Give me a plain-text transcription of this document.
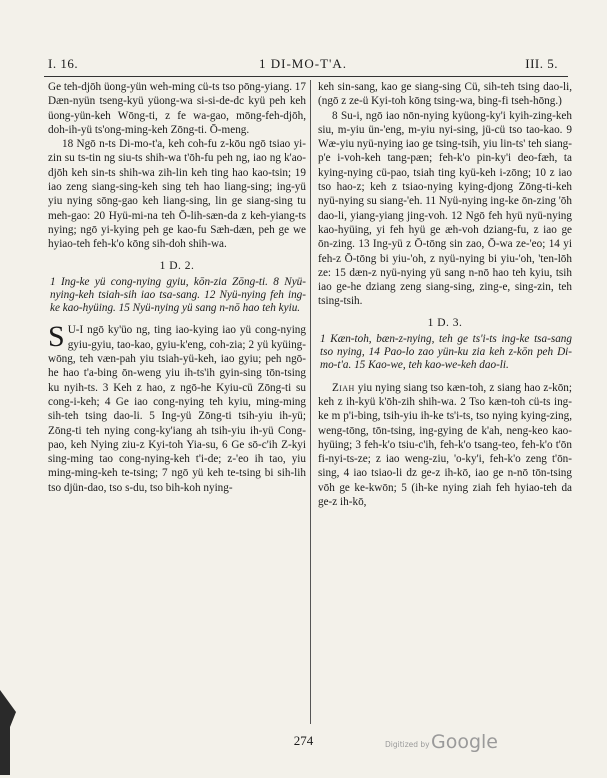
I. 16.	1 DI-MO-T'A.	III. 5.

Ge teh-djōh üong-yün weh-ming cü-ts tso pōng-yiang. 17 Dæn-nyün tseng-kyü yüong-wa si-si-de-dc kyü peh keh üong-yün-keh Wōng-ti, z fe wa-gao, mōng-feh-djōh, doh-ih-yü ts'ong-ming-keh Zōng-ti. Ō-meng.

18 Ngō n-ts Di-mo-t'a, keh coh-fu z-kōu ngō tsiao yi-zin su ts-tin ng siu-ts shih-wa t'ōh-fu peh ng, iao ng k'ao-djōh keh sin-ts shih-wa zih-lin keh ting hao kao-tsin; 19 iao zeng siang-sing-keh sing teh hao liang-sing; ing-yü yiu nying sōng-gao keh liang-sing, lin ge siang-sing tu meh-gao: 20 Hyü-mi-na teh Ō-lih-sæn-da z keh-yiang-ts nying; ngō yi-kying peh ge kao-fu Sæh-dæn, peh ge we hyiao-teh feh-k'o kōng sih-doh shih-wa.

1 D. 2.

1 Ing-ke yü cong-nying gyiu, kōn-zia Zōng-ti. 8 Nyü-nying-keh tsiah-sih iao tsa-sang. 12 Nyü-nying feh ing-ke kao-hyüing. 15 Nyü-nying yü sang n-nō hao teh kyiu.

S U-I ngō ky'üo ng, ting iao-kying iao yü cong-nying gyiu-gyiu, tao-kao, gyiu-k'eng, coh-zia; 2 yü kyüing-wōng, teh væn-pah yiu tsiah-yü-keh, iao gyiu; peh ngō-he hao t'a-bing ōn-weng yiu ih-ts'ih gyin-sing tōn-tsing ku nyih-ts. 3 Keh z hao, z ngō-he Kyiu-cü Zōng-ti su cong-i-keh; 4 Ge iao cong-nying teh kyiu, ming-ming sih-teh tsing dao-li. 5 Ing-yü Zōng-ti tsih-yiu ih-yü; Zōng-ti teh nying cong-ky'iang ah tsih-yiu ih-yü Cong-pao, keh Nying ziu-z Kyi-toh Yia-su, 6 Ge sō-c'ih Z-kyi sing-ming tao cong-nying-keh t'i-de; z-'eo ih tao, yiu ming-ming-keh te-tsing; 7 ngō yü keh te-tsing bi sih-lih tso djün-dao, tso s-du, tso bih-koh nying-

keh sin-sang, kao ge siang-sing Cü, sih-teh tsing dao-li, (ngō z ze-ü Kyi-toh kōng tsing-wa, bing-fi tseh-hōng.)

8 Su-i, ngō iao nōn-nying kyüong-ky'i kyih-zing-keh siu, m-yiu ün-'eng, m-yiu nyi-sing, jü-cü tso tao-kao. 9 Wæ-yiu nyü-nying iao ge tsing-tsih, yiu lin-ts' teh siang-p'e i-voh-keh tang-pæn; feh-k'o pin-ky'i deo-fæh, ta kying-nying cü-pao, tsiah ting kyü-keh i-zōng; 10 z iao tso hao-z; keh z tsiao-nying kying-djong Zōng-ti-keh nyü-nying su siang-'eh. 11 Nyü-nying ing-ke ōn-zing 'ōh dao-li, yiang-yiang jing-voh. 12 Ngō feh hyü nyü-nying kao-hyüing, yi feh hyü ge æh-voh dziang-fu, z iao ge ōn-zing. 13 Ing-yü z Ō-tōng sin zao, Ō-wa ze-'eo; 14 yi feh-z Ō-tōng bi yiu-'oh, z nyü-nying bi yiu-'oh, 'ten-lōh ze: 15 dæn-z nyü-nying yü sang n-nō hao teh kyiu, tsih iao ge-he dziang zeng siang-sing, zing-e, sing-zin, teh tsing-tsih.

1 D. 3.

1 Kæn-toh, bæn-z-nying, teh ge ts'i-ts ing-ke tsa-sang tso nying, 14 Pao-lo zao yün-ku zia keh z-kōn peh Di-mo-t'a. 15 Kao-we, teh kao-we-keh dao-li.

Ziah yiu nying siang tso kæn-toh, z siang hao z-kōn; keh z ih-kyü k'ōh-zih shih-wa. 2 Tso kæn-toh cü-ts ing-ke m p'i-bing, tsih-yiu ih-ke ts'i-ts, tso nying kying-zing, weng-tōng, tōn-tsing, ing-gying de k'ah, neng-keo kao-hyüing; 3 feh-k'o tsiu-c'ih, feh-k'o tsang-teo, feh-k'o t'ōn fi-nyi-ts-ze; z iao weng-ziu, 'o-ky'i, feh-k'o zeng t'ōn-sing, 4 iao tsiao-li dz ge-z ih-kō, iao ge n-nō tōn-tsing vōh ge ke-kwōn; 5 (ih-ke nying ziah feh hyiao-teh da ge-z ih-kō,

274	Digitized by Google
